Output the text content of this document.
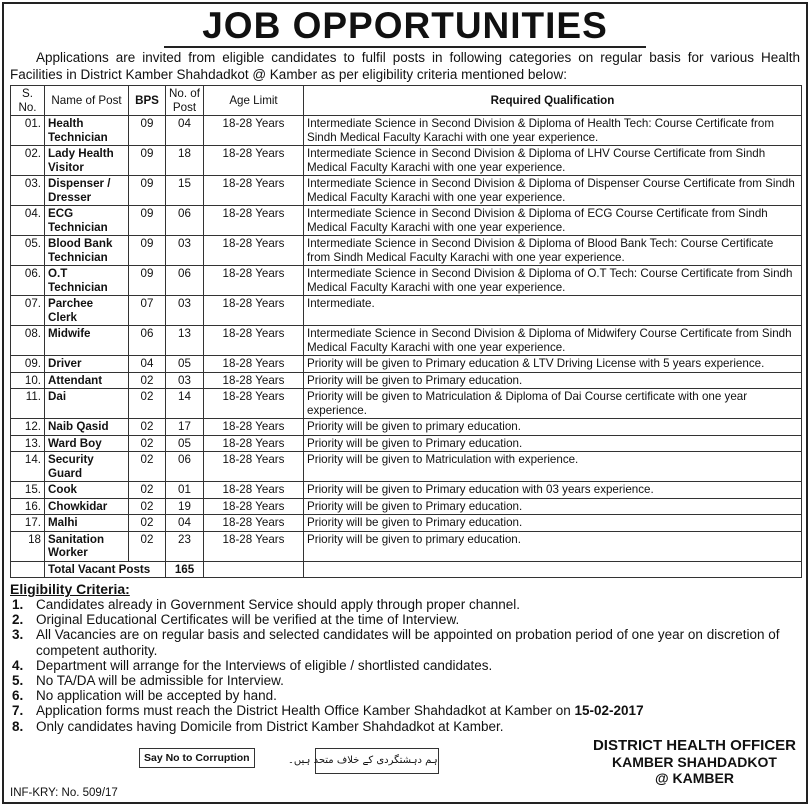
JOB OPPORTUNITIES

Applications are invited from eligible candidates to fulfil posts in following categories on regular basis for various Health Facilities in District Kamber Shahdadkot @ Kamber as per eligibility criteria mentioned below:

S. No.	Name of Post	BPS	No. of Post	Age Limit	Required Qualification
01.	Health Technician	09	04	18-28 Years	Intermediate Science in Second Division & Diploma of Health Tech: Course Certificate from Sindh Medical Faculty Karachi with one year experience.
02.	Lady Health Visitor	09	18	18-28 Years	Intermediate Science in Second Division & Diploma of LHV Course Certificate from Sindh Medical Faculty Karachi with one year experience.
03.	Dispenser / Dresser	09	15	18-28 Years	Intermediate Science in Second Division & Diploma of Dispenser Course Certificate from Sindh Medical Faculty Karachi with one year experience.
04.	ECG Technician	09	06	18-28 Years	Intermediate Science in Second Division & Diploma of ECG Course Certificate from Sindh Medical Faculty Karachi with one year experience.
05.	Blood Bank Technician	09	03	18-28 Years	Intermediate Science in Second Division & Diploma of Blood Bank Tech: Course Certificate from Sindh Medical Faculty Karachi with one year experience.
06.	O.T Technician	09	06	18-28 Years	Intermediate Science in Second Division & Diploma of O.T Tech: Course Certificate from Sindh Medical Faculty Karachi with one year experience.
07.	Parchee Clerk	07	03	18-28 Years	Intermediate.
08.	Midwife	06	13	18-28 Years	Intermediate Science in Second Division & Diploma of Midwifery Course Certificate from Sindh Medical Faculty Karachi with one year experience.
09.	Driver	04	05	18-28 Years	Priority will be given to Primary education & LTV Driving License with 5 years experience.
10.	Attendant	02	03	18-28 Years	Priority will be given to Primary education.
11.	Dai	02	14	18-28 Years	Priority will be given to Matriculation & Diploma of Dai Course certificate with one year experience.
12.	Naib Qasid	02	17	18-28 Years	Priority will be given to primary education.
13.	Ward Boy	02	05	18-28 Years	Priority will be given to Primary education.
14.	Security Guard	02	06	18-28 Years	Priority will be given to Matriculation with experience.
15.	Cook	02	01	18-28 Years	Priority will be given to Primary education with 03 years experience.
16.	Chowkidar	02	19	18-28 Years	Priority will be given to Primary education.
17.	Malhi	02	04	18-28 Years	Priority will be given to Primary education.
18	Sanitation Worker	02	23	18-28 Years	Priority will be given to primary education.
	Total Vacant Posts		165		
Eligibility Criteria:
1. Candidates already in Government Service should apply through proper channel.
2. Original Educational Certificates will be verified at the time of Interview.
3. All Vacancies are on regular basis and selected candidates will be appointed on probation period of one year on discretion of competent authority.
4. Department will arrange for the Interviews of eligible / shortlisted candidates.
5. No TA/DA will be admissible for Interview.
6. No application will be accepted by hand.
7. Application forms must reach the District Health Office Kamber Shahdadkot at Kamber on 15-02-2017
8. Only candidates having Domicile from District Kamber Shahdadkot at Kamber.
Say No to Corruption	ہم دہشتگردی کے خلاف متحد ہیں۔
DISTRICT HEALTH OFFICER
KAMBER SHAHDADKOT
@ KAMBER
INF-KRY: No. 509/17
